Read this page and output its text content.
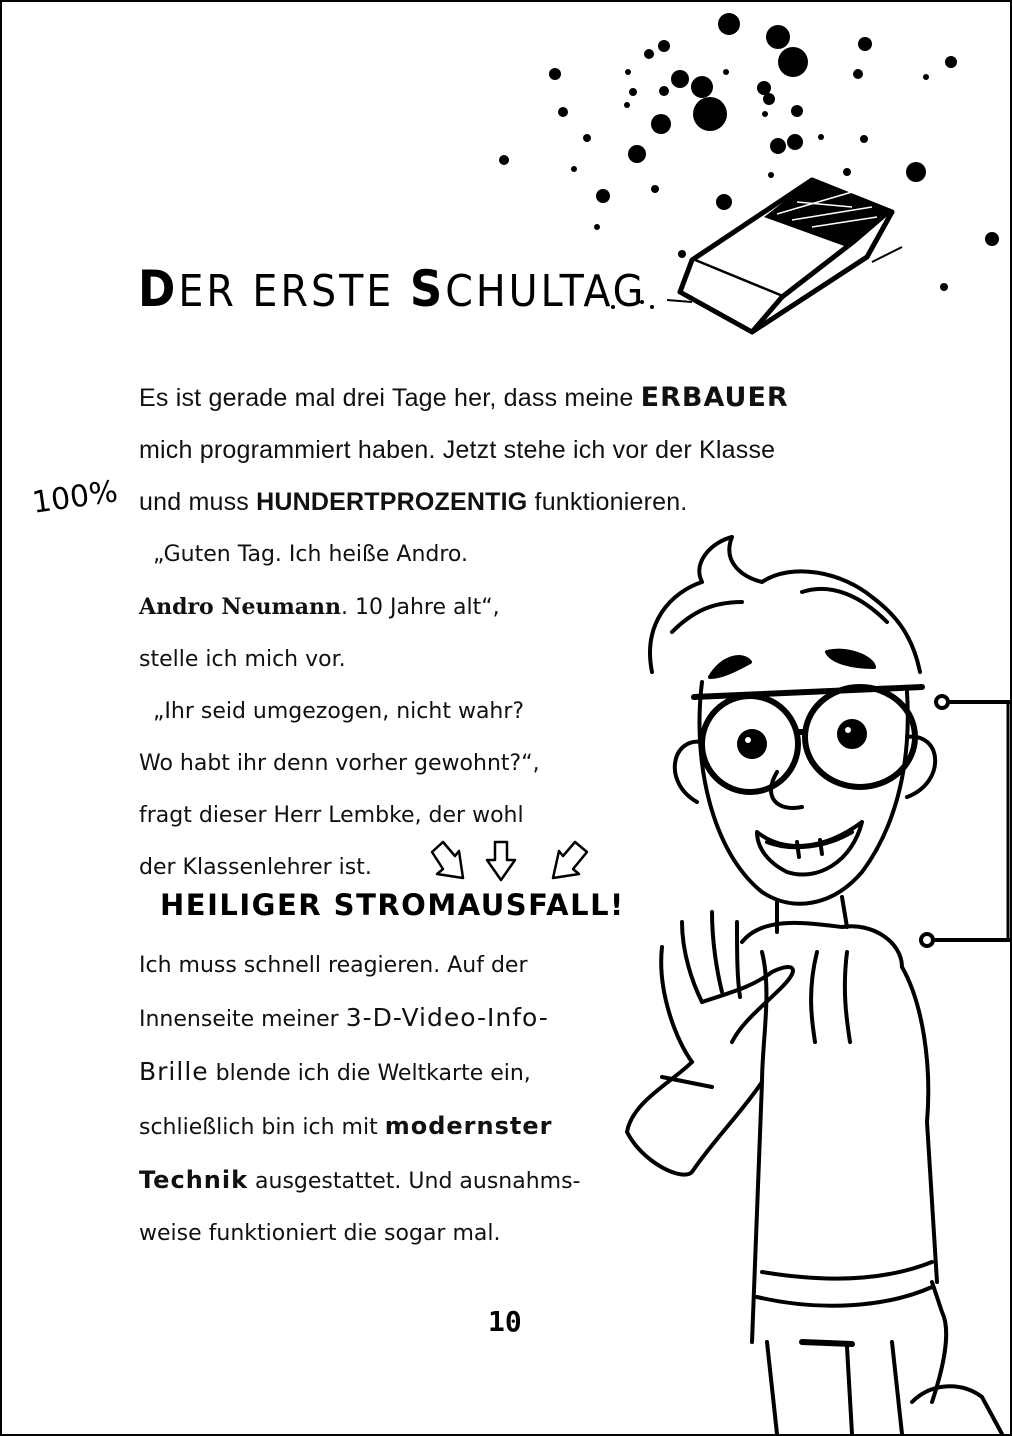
DER ERSTE SCHULTAG
100%
Es ist gerade mal drei Tage her, dass meine ERBAUER
mich programmiert haben. Jetzt stehe ich vor der Klasse
und muss HUNDERTPROZENTIG funktionieren.
„Guten Tag. Ich heiße Andro.
Andro Neumann. 10 Jahre alt“,
stelle ich mich vor.
„Ihr seid umgezogen, nicht wahr?
Wo habt ihr denn vorher gewohnt?“,
fragt dieser Herr Lembke, der wohl
der Klassenlehrer ist.
HEILIGER STROMAUSFALL!
Ich muss schnell reagieren. Auf der
Innenseite meiner 3-D-Video-Info-
Brille blende ich die Weltkarte ein,
schließlich bin ich mit modernster
Technik ausgestattet. Und ausnahms-
weise funktioniert die sogar mal.
10
